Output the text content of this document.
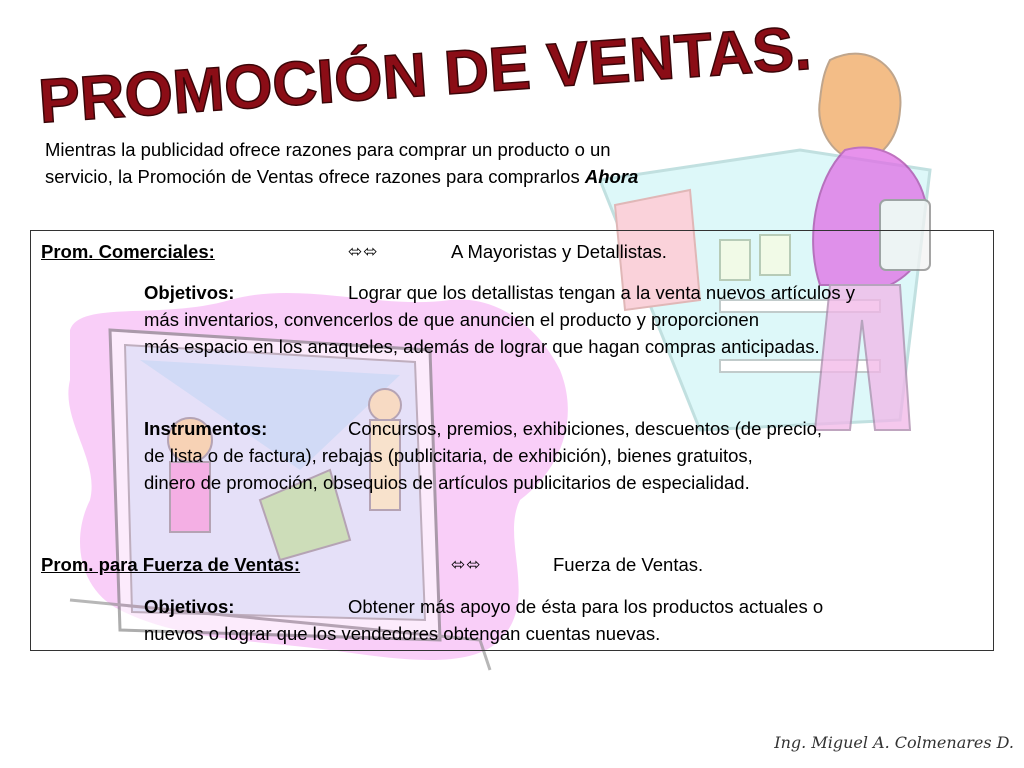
PROMOCIÓN DE VENTAS.
Mientras la publicidad ofrece razones para comprar un producto o un
servicio, la Promoción de Ventas ofrece razones para comprarlos Ahora
Prom. Comerciales:	⬄⬄	A Mayoristas y Detallistas.
Objetivos:	Lograr que los detallistas tengan a la venta nuevos artículos y
más inventarios, convencerlos de que anuncien el producto y proporcionen
más espacio en los anaqueles, además de lograr que hagan compras anticipadas.
Instrumentos:	Concursos, premios, exhibiciones, descuentos (de precio,
de lista o de factura), rebajas (publicitaria, de exhibición), bienes gratuitos,
dinero de promoción, obsequios de artículos publicitarios de especialidad.
Prom. para Fuerza de Ventas:	⬄⬄	Fuerza de Ventas.
Objetivos:	Obtener más apoyo de ésta para los productos actuales o
nuevos o lograr que los vendedores obtengan cuentas nuevas.
Ing. Miguel A. Colmenares D.
